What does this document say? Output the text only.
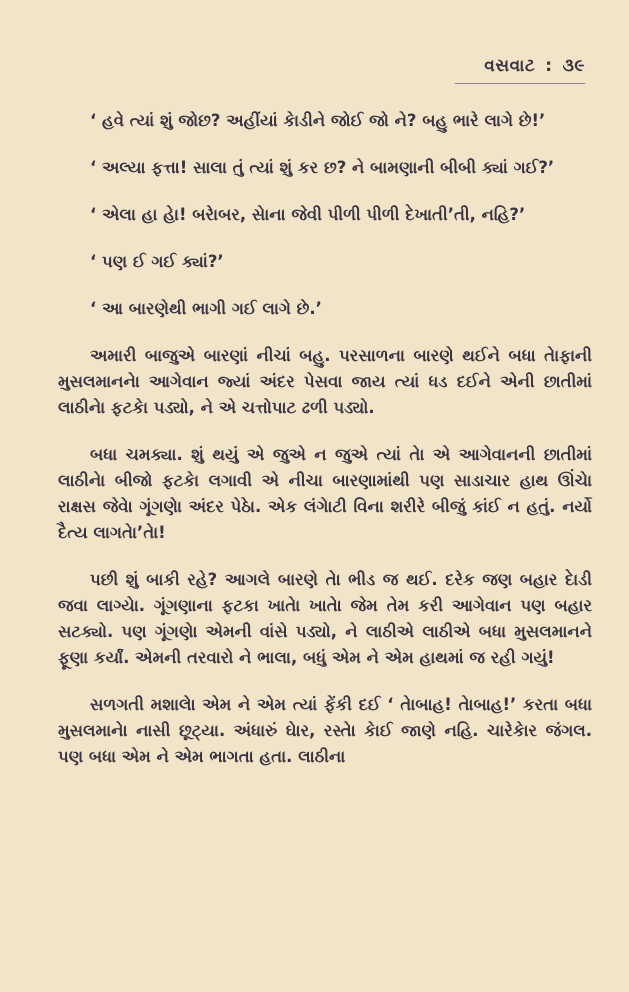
વસવાટ : ૩૯

‘ હવે ત્યાં શું જોછ? અહીંયાં કેાડીને જોઈ જો ને? બહુ ભારે લાગે છે!’

‘ અલ્યા ફત્તા! સાલા તું ત્યાં શું કર છ? ને બામણાની બીબી ક્યાં ગઈ?’

‘ એલા હા હેા! બરેાબર, સેાના જેવી પીળી પીળી દેખાતી’તી, નહિ?’

‘ પણ ઈ ગઈ ક્યાં?’

‘ આ બારણેથી ભાગી ગઈ લાગે છે.’

અમારી બાજુએ બારણાં નીચાં બહુ. પરસાળના બારણે થઈને બધા તેાફાની મુસલમાનનેા આગેવાન જ્યાં અંદર પેસવા જાય ત્યાં ધડ દઈને એની છાતીમાં લાઠીનેા ફટકેા પડ્યો, ને એ ચત્તોપાટ ઢળી પડ્યો.

બધા ચમક્યા. શું થયું એ જુએ ન જુએ ત્યાં તેા એ આગેવાનની છાતીમાં લાઠીનેા બીજો ફટકેા લગાવી એ નીચા બારણામાંથી પણ સાડાચાર હાથ ઊંચેા રાક્ષસ જેવેા ગૂંગણેા અંદર પેઠેા. એક લંગેાટી વિના શરીરે બીજું કાંઈ ન હતું. નર્યો દૈત્ય લાગતેા’તેા!

પછી શું બાકી રહે? આગલે બારણે તેા ભીડ જ થઈ. દરેક જણ બહાર દેાડી જવા લાગ્યેા. ગૂંગણાના ફટકા ખાતેા ખાતેા જેમ તેમ કરી આગેવાન પણ બહાર સટક્યો. પણ ગૂંગણેા એમની વાંસે પડ્યો, ને લાઠીએ લાઠીએ બધા મુસલમાનને ફૂણા કર્યાં. એમની તરવારો ને ભાલા, બધું એમ ને એમ હાથમાં જ રહી ગયું!

સળગતી મશાલેા એમ ને એમ ત્યાં ફેંકી દઈ ‘ તેાબાહ! તેાબાહ!’ કરતા બધા મુસલમાનેા નાસી છૂટ્યા. અંધારું ઘેાર, રસ્તેા કેાઈ જાણે નહિ. ચારેકેાર જંગલ. પણ બધા એમ ને એમ ભાગતા હતા. લાઠીના
